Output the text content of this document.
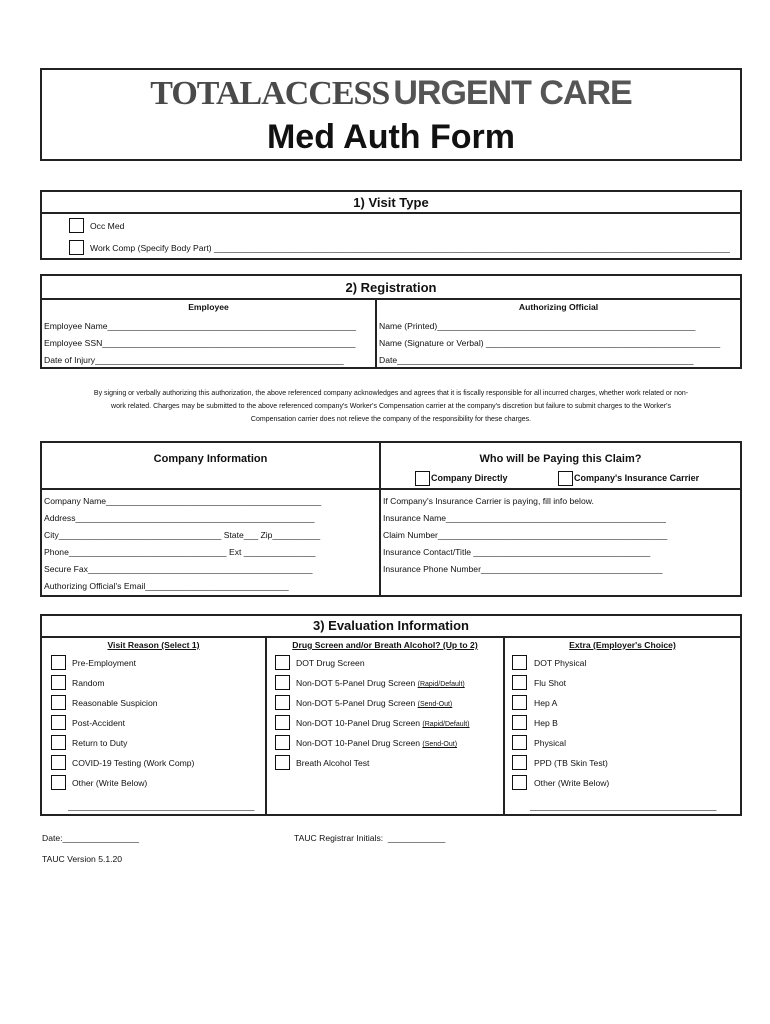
TOTALACCESS URGENT CARE
Med Auth Form
1) Visit Type
Occ Med
Work Comp (Specify Body Part) ____________________________________________________________________________________________________________
2) Registration
Employee	Authorizing Official
Employee Name____________________________________________________
Employee SSN_____________________________________________________
Date of Injury____________________________________________________
Name (Printed)______________________________________________________
Name (Signature or Verbal) _________________________________________________
Date______________________________________________________________
By signing or verbally authorizing this authorization, the above referenced company acknowledges and agrees that it is fiscally responsible for all incurred charges, whether work related or non-
work related. Charges may be submitted to the above referenced company's Worker's Compensation carrier at the company's discretion but failure to submit charges to the Worker's
Compensation carrier does not relieve the company of the responsibility for these charges.
Company Information	Who will be Paying this Claim?
Company Directly	Company's Insurance Carrier
Company Name_____________________________________________
Address__________________________________________________
City__________________________________ State___ Zip__________
Phone_________________________________ Ext _______________
Secure Fax_______________________________________________
Authorizing Official's Email______________________________
If Company's Insurance Carrier is paying, fill info below.
Insurance Name______________________________________________
Claim Number________________________________________________
Insurance Contact/Title _____________________________________
Insurance Phone Number______________________________________
3) Evaluation Information
Visit Reason (Select 1)	Drug Screen and/or Breath Alcohol? (Up to 2)	Extra (Employer's Choice)
Pre-Employment
Random
Reasonable Suspicion
Post-Accident
Return to Duty
COVID-19 Testing (Work Comp)
Other (Write Below)
_______________________________________
DOT Drug Screen
Non-DOT 5-Panel Drug Screen (Rapid/Default)
Non-DOT 5-Panel Drug Screen (Send-Out)
Non-DOT 10-Panel Drug Screen (Rapid/Default)
Non-DOT 10-Panel Drug Screen (Send-Out)
Breath Alcohol Test
DOT Physical
Flu Shot
Hep A
Hep B
Physical
PPD (TB Skin Test)
Other (Write Below)
_______________________________________
Date:________________	TAUC Registrar Initials:  ____________
TAUC Version 5.1.20
